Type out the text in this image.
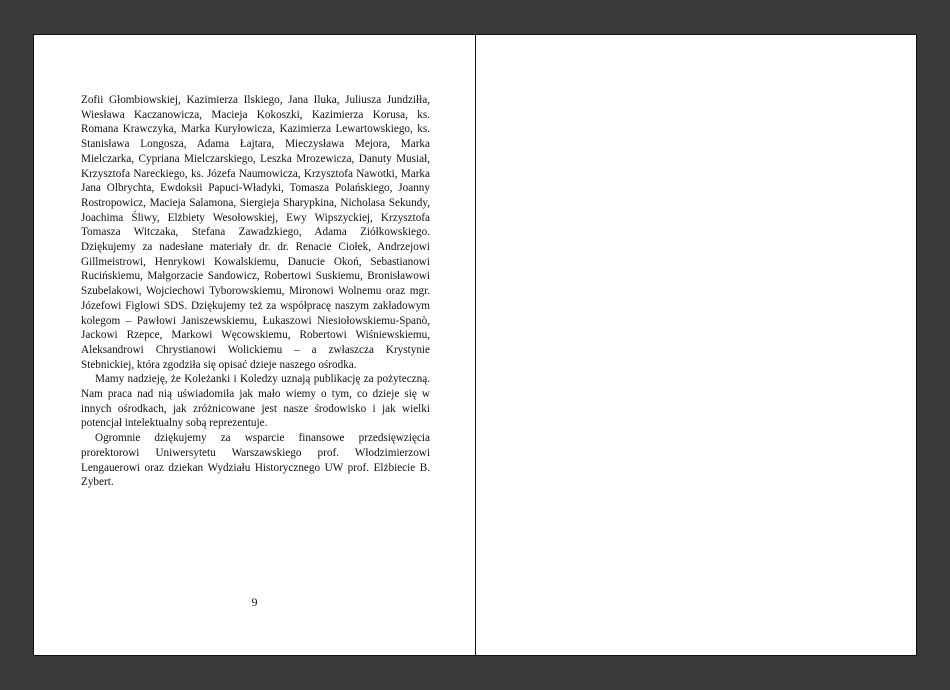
Zofii Głombiowskiej, Kazimierza Ilskiego, Jana Iluka, Juliusza Jundziłła, Wiesława Kaczanowicza, Macieja Kokoszki, Kazimierza Korusa, ks. Romana Krawczyka, Marka Kuryłowicza, Kazimierza Lewartowskiego, ks. Stanisława Longosza, Adama Łajtara, Mieczysława Mejora, Marka Mielczarka, Cypriana Mielczarskiego, Leszka Mrozewicza, Danuty Musiał, Krzysztofa Nareckiego, ks. Józefa Naumowicza, Krzysztofa Nawotki, Marka Jana Olbrychta, Ewdoksii Papuci-Władyki, Tomasza Polańskiego, Joanny Rostropowicz, Macieja Salamona, Siergieja Sharypkina, Nicholasa Sekundy, Joachima Śliwy, Elżbiety Wesołowskiej, Ewy Wipszyckiej, Krzysztofa Tomasza Witczaka, Stefana Zawadzkiego, Adama Ziółkowskiego. Dziękujemy za nadesłane materiały dr. dr. Renacie Ciołek, Andrzejowi Gillmeistrowi, Henrykowi Kowalskiemu, Danucie Okoń, Sebastianowi Rucińskiemu, Małgorzacie Sandowicz, Robertowi Suskiemu, Bronisławowi Szubelakowi, Wojciechowi Tyborowskiemu, Mironowi Wolnemu oraz mgr. Józefowi Figlowi SDS. Dziękujemy też za współpracę naszym zakładowym kolegom – Pawłowi Janiszewskiemu, Łukaszowi Niesiołowskiemu-Spanò, Jackowi Rzepce, Markowi Węcowskiemu, Robertowi Wiśniewskiemu, Aleksandrowi Chrystianowi Wolickiemu – a zwłaszcza Krystynie Stebnickiej, która zgodziła się opisać dzieje naszego ośrodka.

Mamy nadzieję, że Koleżanki i Koledzy uznają publikację za pożyteczną. Nam praca nad nią uświadomiła jak mało wiemy o tym, co dzieje się w innych ośrodkach, jak zróżnicowane jest nasze środowisko i jak wielki potencjał intelektualny sobą reprezentuje.

Ogromnie dziękujemy za wsparcie finansowe przedsięwzięcia prorektorowi Uniwersytetu Warszawskiego prof. Włodzimierzowi Lengauerowi oraz dziekan Wydziału Historycznego UW prof. Elżbiecie B. Zybert.

9
